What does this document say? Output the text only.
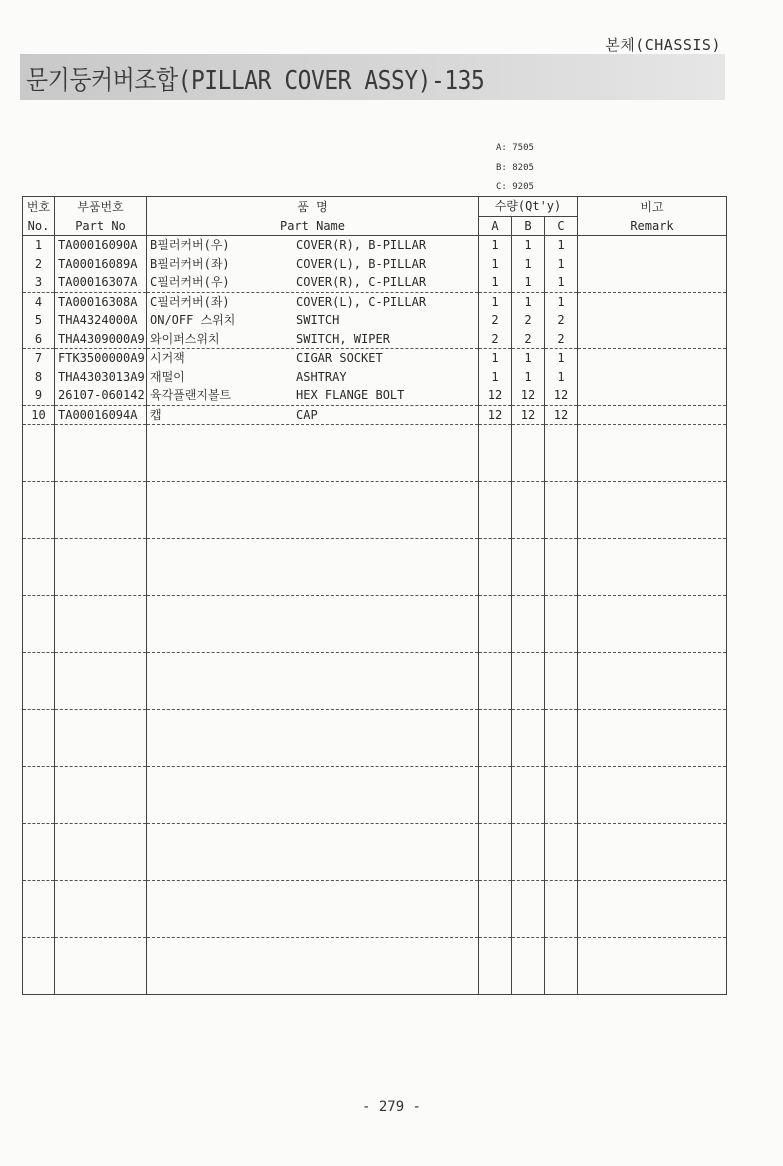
본체(CHASSIS)
문기둥커버조합(PILLAR COVER ASSY)-135
A: 7505
B: 8205
C: 9205
번호	부품번호	품 명	수량(Qt'y)			비고
No.	Part No	Part Name	A	B	C	Remark
1	TA00016090A	B필러커버(우) COVER(R), B-PILLAR	1	1	1	
2	TA00016089A	B필러커버(좌) COVER(L), B-PILLAR	1	1	1	
3	TA00016307A	C필러커버(우) COVER(R), C-PILLAR	1	1	1	
4	TA00016308A	C필러커버(좌) COVER(L), C-PILLAR	1	1	1	
5	THA4324000A	ON/OFF 스위치 SWITCH	2	2	2	
6	THA4309000A9	와이퍼스위치 SWITCH, WIPER	2	2	2	
7	FTK3500000A9	시거잭 CIGAR SOCKET	1	1	1	
8	THA4303013A9	재떨이 ASHTRAY	1	1	1	
9	26107-060142	육각플랜지볼트 HEX FLANGE BOLT	12	12	12	
10	TA00016094A	캡 CAP	12	12	12	

- 279 -
